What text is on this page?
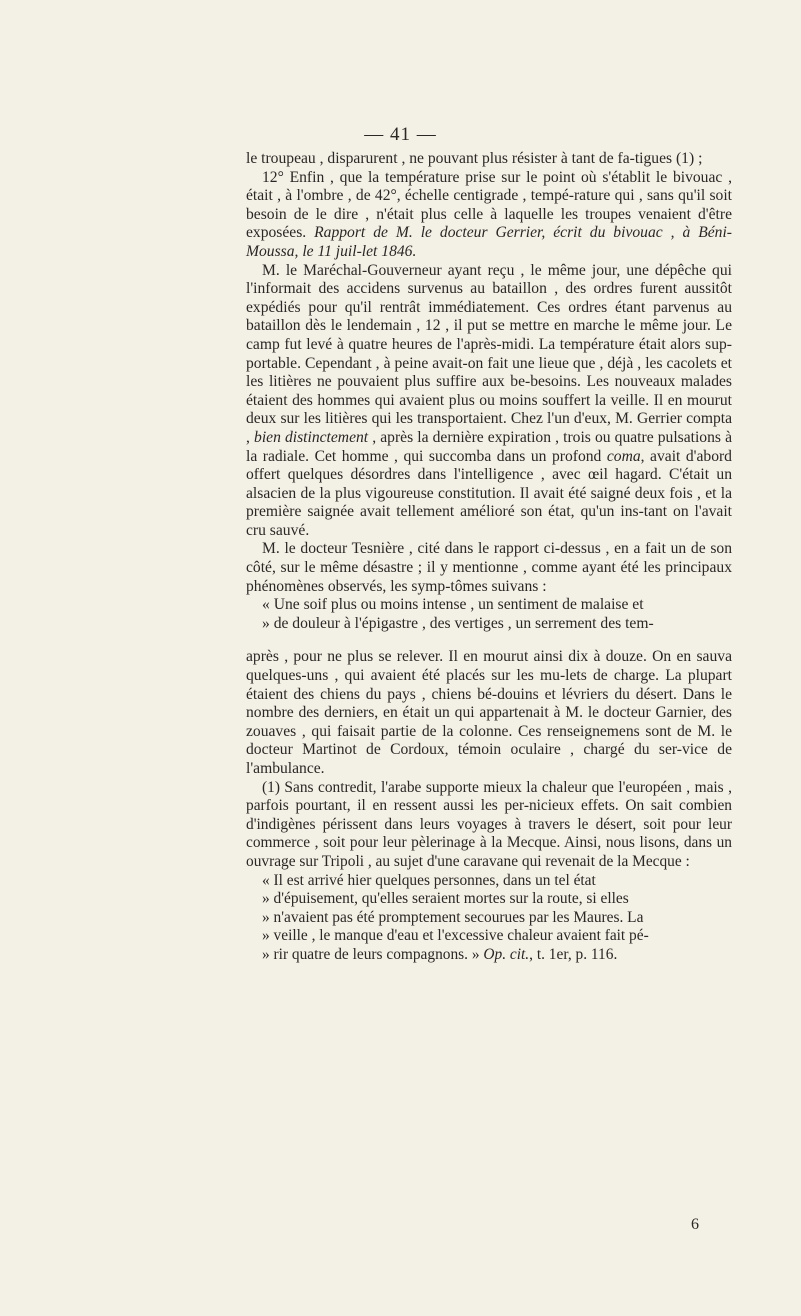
— 41 —

le troupeau , disparurent , ne pouvant plus résister à tant de fa-tigues (1) ;

12° Enfin , que la température prise sur le point où s'établit le bivouac , était , à l'ombre , de 42°, échelle centigrade , tempé-rature qui , sans qu'il soit besoin de le dire , n'était plus celle à laquelle les troupes venaient d'être exposées. Rapport de M. le docteur Gerrier, écrit du bivouac , à Béni-Moussa, le 11 juil-let 1846.

M. le Maréchal-Gouverneur ayant reçu , le même jour, une dépêche qui l'informait des accidens survenus au bataillon , des ordres furent aussitôt expédiés pour qu'il rentrât immédiatement. Ces ordres étant parvenus au bataillon dès le lendemain , 12 , il put se mettre en marche le même jour. Le camp fut levé à quatre heures de l'après-midi. La température était alors sup-portable. Cependant , à peine avait-on fait une lieue que , déjà , les cacolets et les litières ne pouvaient plus suffire aux be-besoins. Les nouveaux malades étaient des hommes qui avaient plus ou moins souffert la veille. Il en mourut deux sur les litières qui les transportaient. Chez l'un d'eux, M. Gerrier compta , bien distinctement , après la dernière expiration , trois ou quatre pulsations à la radiale. Cet homme , qui succomba dans un profond coma, avait d'abord offert quelques désordres dans l'intelligence , avec œil hagard. C'était un alsacien de la plus vigoureuse constitution. Il avait été saigné deux fois , et la première saignée avait tellement amélioré son état, qu'un ins-tant on l'avait cru sauvé.

M. le docteur Tesnière , cité dans le rapport ci-dessus , en a fait un de son côté, sur le même désastre ; il y mentionne , comme ayant été les principaux phénomènes observés, les symp-tômes suivans :

« Une soif plus ou moins intense , un sentiment de malaise et

» de douleur à l'épigastre , des vertiges , un serrement des tem-

après , pour ne plus se relever. Il en mourut ainsi dix à douze. On en sauva quelques-uns , qui avaient été placés sur les mu-lets de charge. La plupart étaient des chiens du pays , chiens bé-douins et lévriers du désert. Dans le nombre des derniers, en était un qui appartenait à M. le docteur Garnier, des zouaves , qui faisait partie de la colonne. Ces renseignemens sont de M. le docteur Martinot de Cordoux, témoin oculaire , chargé du ser-vice de l'ambulance.

(1) Sans contredit, l'arabe supporte mieux la chaleur que l'européen , mais , parfois pourtant, il en ressent aussi les per-nicieux effets. On sait combien d'indigènes périssent dans leurs voyages à travers le désert, soit pour leur commerce , soit pour leur pèlerinage à la Mecque. Ainsi, nous lisons, dans un ouvrage sur Tripoli , au sujet d'une caravane qui revenait de la Mecque :

« Il est arrivé hier quelques personnes, dans un tel état

» d'épuisement, qu'elles seraient mortes sur la route, si elles

» n'avaient pas été promptement secourues par les Maures. La

» veille , le manque d'eau et l'excessive chaleur avaient fait pé-

» rir quatre de leurs compagnons. » Op. cit., t. 1er, p. 116.

6
